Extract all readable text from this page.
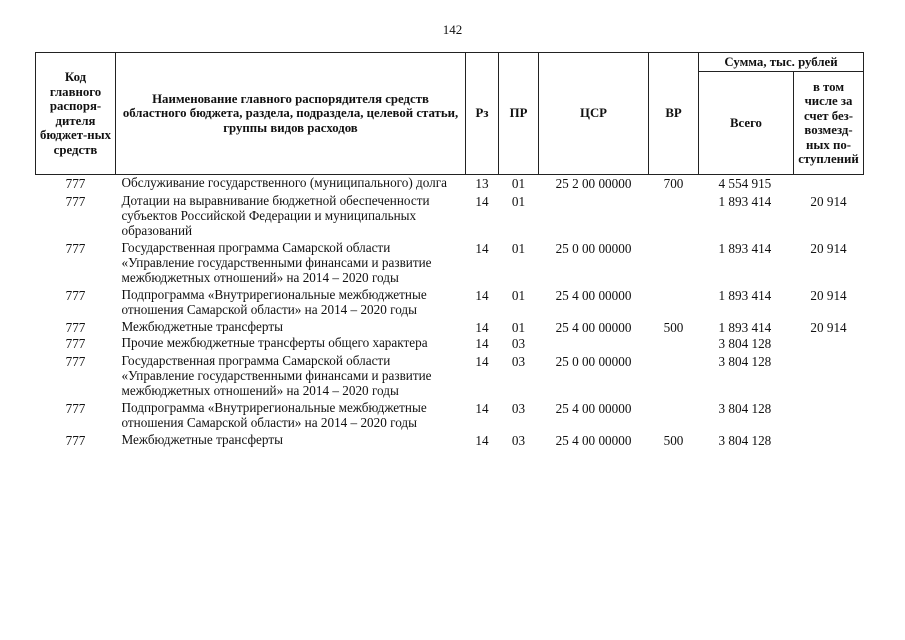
142
Код главного распоря-дителя бюджет-ных средств	Наименование главного распорядителя средств областного бюджета, раздела, подраздела, целевой статьи, группы видов расходов	Рз	ПР	ЦСР	ВР	Сумма, тыс. рублей	
						Всего	в том числе за счет без-возмезд-ных по-ступлений
777	Обслуживание государственного (муниципального) долга	13	01	25 2 00 00000	700	4 554 915	
777	Дотации на выравнивание бюджетной обеспеченности субъектов Российской Федерации и муниципальных образований	14	01			1 893 414	20 914
777	Государственная программа Самарской области «Управление государственными финансами и развитие межбюджетных отношений» на 2014 – 2020 годы	14	01	25 0 00 00000		1 893 414	20 914
777	Подпрограмма «Внутрирегиональные межбюджетные отношения Самарской области» на 2014 – 2020 годы	14	01	25 4 00 00000		1 893 414	20 914
777	Межбюджетные трансферты	14	01	25 4 00 00000	500	1 893 414	20 914
777	Прочие межбюджетные трансферты общего характера	14	03			3 804 128	
777	Государственная программа Самарской области «Управление государственными финансами и развитие межбюджетных отношений» на 2014 – 2020 годы	14	03	25 0 00 00000		3 804 128	
777	Подпрограмма «Внутрирегиональные межбюджетные отношения Самарской области» на 2014 – 2020 годы	14	03	25 4 00 00000		3 804 128	
777	Межбюджетные трансферты	14	03	25 4 00 00000	500	3 804 128	
